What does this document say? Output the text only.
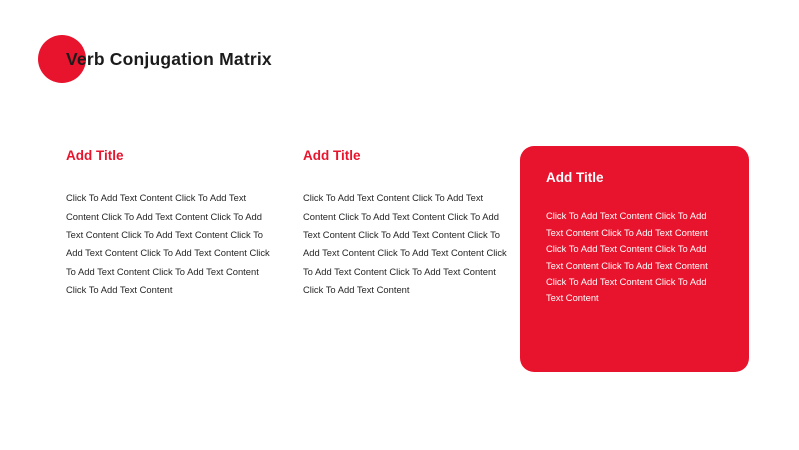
Verb Conjugation Matrix
Add Title

Click To Add Text Content Click To Add Text Content Click To Add Text Content Click To Add Text Content Click To Add Text Content Click To Add Text Content Click To Add Text Content Click To Add Text Content Click To Add Text Content Click To Add Text Content

Add Title

Click To Add Text Content Click To Add Text Content Click To Add Text Content Click To Add Text Content Click To Add Text Content Click To Add Text Content Click To Add Text Content Click To Add Text Content Click To Add Text Content Click To Add Text Content

Add Title

Click To Add Text Content Click To Add Text Content Click To Add Text Content Click To Add Text Content Click To Add Text Content Click To Add Text Content Click To Add Text Content Click To Add Text Content
